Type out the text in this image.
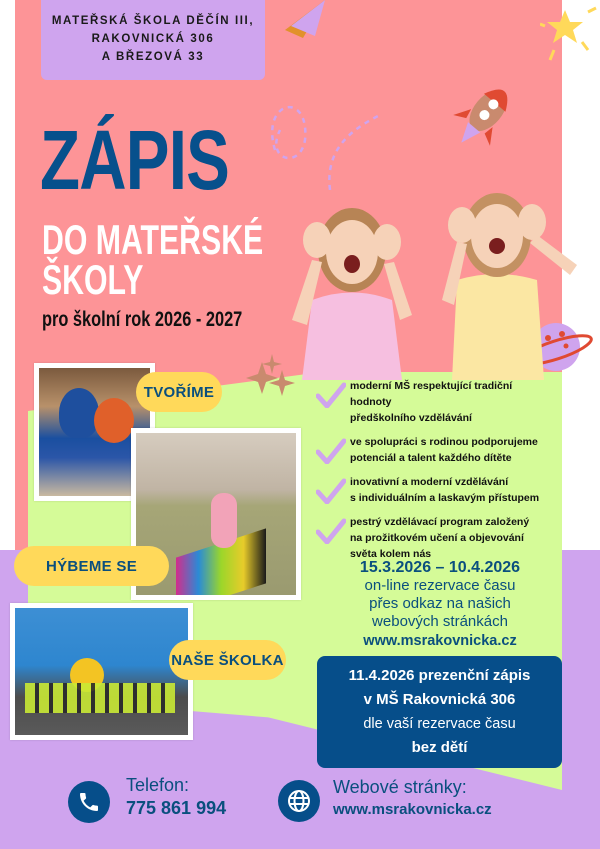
MATEŘSKÁ ŠKOLA DĚČÍN III,
RAKOVNICKÁ 306
A BŘEZOVÁ 33
ZÁPIS
DO MATEŘSKÉ
ŠKOLY
pro školní rok 2026 - 2027
TVOŘÍME
HÝBEME SE
NAŠE ŠKOLKA
moderní MŠ respektující tradiční hodnoty
předškolního vzdělávání
ve spolupráci s rodinou podporujeme
potenciál a talent každého dítěte
inovativní a moderní vzdělávání
s individuálním a laskavým přístupem
pestrý vzdělávací program založený
na prožitkovém učení a objevování
světa kolem nás
15.3.2026 – 10.4.2026
on-line rezervace času
přes odkaz na našich
webových stránkách
www.msrakovnicka.cz
11.4.2026 prezenční zápis
v MŠ Rakovnická 306
dle vaší rezervace času
bez dětí
Telefon:
775 861 994
Webové stránky:
www.msrakovnicka.cz
